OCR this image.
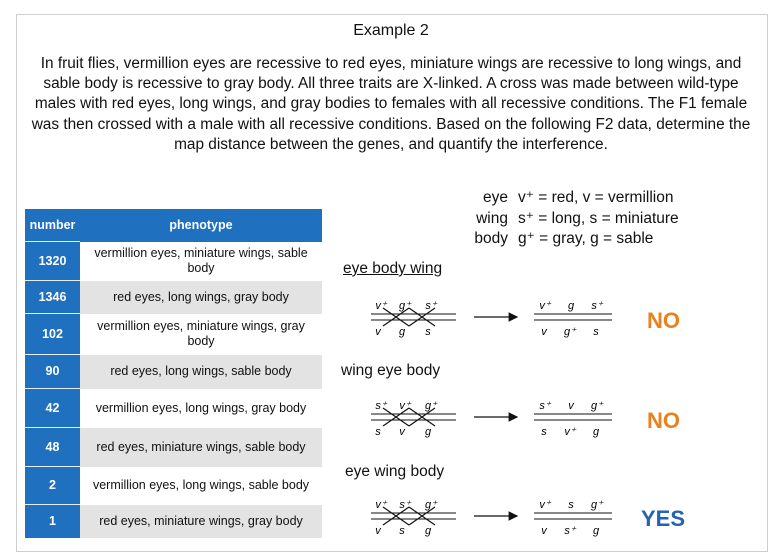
Example 2
In fruit flies, vermillion eyes are recessive to red eyes, miniature wings are recessive to long wings, and sable body is recessive to gray body. All three traits are X-linked. A cross was made between wild-type males with red eyes, long wings, and gray bodies to females with all recessive conditions. The F1 female was then crossed with a male with all recessive conditions. Based on the following F2 data, determine the map distance between the genes, and quantify the interference.
eye v⁺ = red, v = vermillion
wing s⁺ = long, s = miniature
body g⁺ = gray, g = sable
number	phenotype
1320	vermillion eyes, miniature wings, sable body
1346	red eyes, long wings, gray body
102	vermillion eyes, miniature wings, gray body
90	red eyes, long wings, sable body
42	vermillion eyes, long wings, gray body
48	red eyes, miniature wings, sable body
2	vermillion eyes, long wings, sable body
1	red eyes, miniature wings, gray body
eye body wing
wing eye body
eye wing body
NO
NO
YES
v⁺ g⁺ s⁺
v g s
v⁺ g s⁺
v g⁺ s
s⁺ v⁺ g⁺
s v g
s⁺ v g⁺
s v⁺ g
v⁺ s⁺ g⁺
v s g
v⁺ s g⁺
v s⁺ g
